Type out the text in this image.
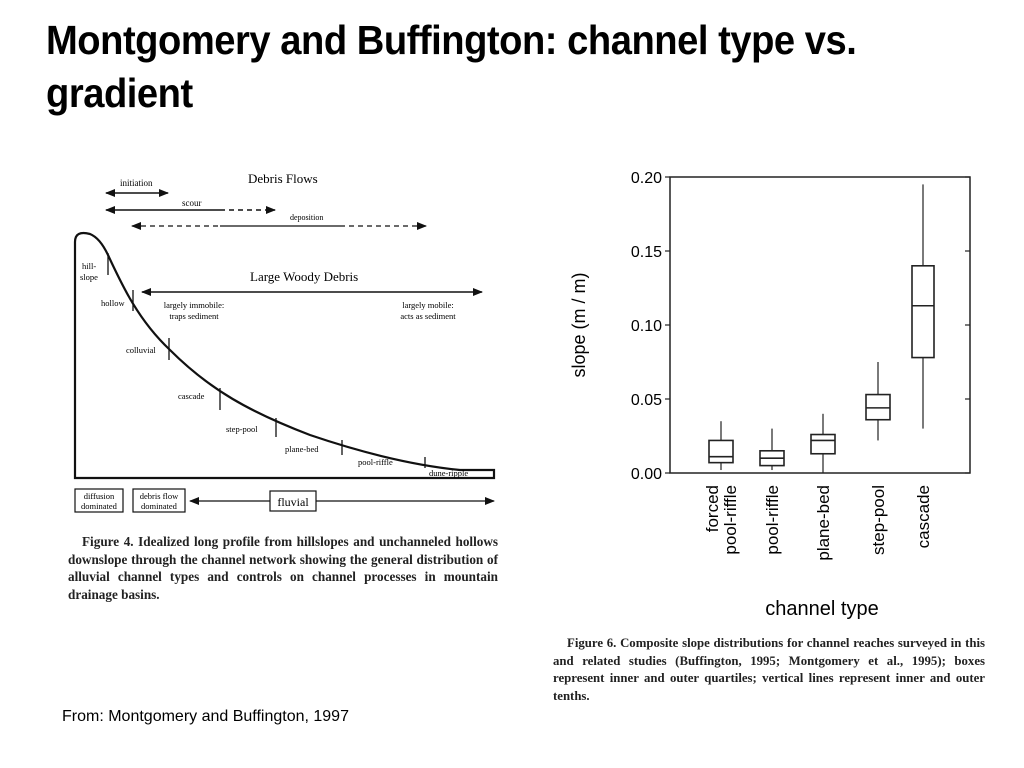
Montgomery and Buffington: channel type vs. gradient
Debris Flows
initiation
scour
deposition
Large Woody Debris
largely immobile:
traps sediment
largely mobile:
acts as sediment
hill-
slope
hollow
colluvial
cascade
step-pool
plane-bed
pool-riffle
dune-ripple
diffusion
dominated
debris flow
dominated	fluvial
Figure 4. Idealized long profile from hillslopes and unchanneled hollows downslope through the channel network showing the general distribution of alluvial channel types and controls on channel processes in mountain drainage basins.
0.00
0.05
0.10
0.15
0.20
slope (m / m)
forced pool-riffle pool-riffle plane-bed step-pool cascade
channel type
Figure 6. Composite slope distributions for channel reaches surveyed in this and related studies (Buffington, 1995; Montgomery et al., 1995); boxes represent inner and outer quartiles; vertical lines represent inner and outer tenths.
From: Montgomery and Buffington, 1997
